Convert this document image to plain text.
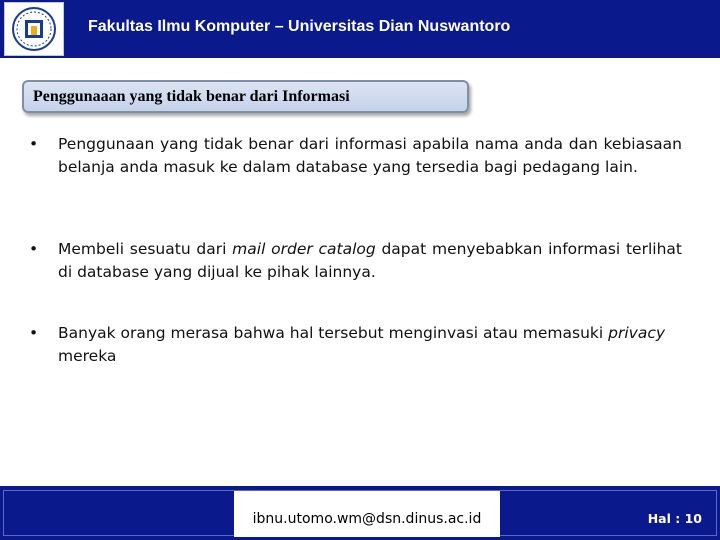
Fakultas Ilmu Komputer – Universitas Dian Nuswantoro
Penggunaaan yang tidak benar dari Informasi
• Penggunaan yang tidak benar dari informasi apabila nama anda dan kebiasaan belanja anda masuk ke dalam database yang tersedia bagi pedagang lain.
• Membeli sesuatu dari mail order catalog dapat menyebabkan informasi terlihat di database yang dijual ke pihak lainnya.
• Banyak orang merasa bahwa hal tersebut menginvasi atau memasuki privacy mereka
ibnu.utomo.wm@dsn.dinus.ac.id	Hal : 10
